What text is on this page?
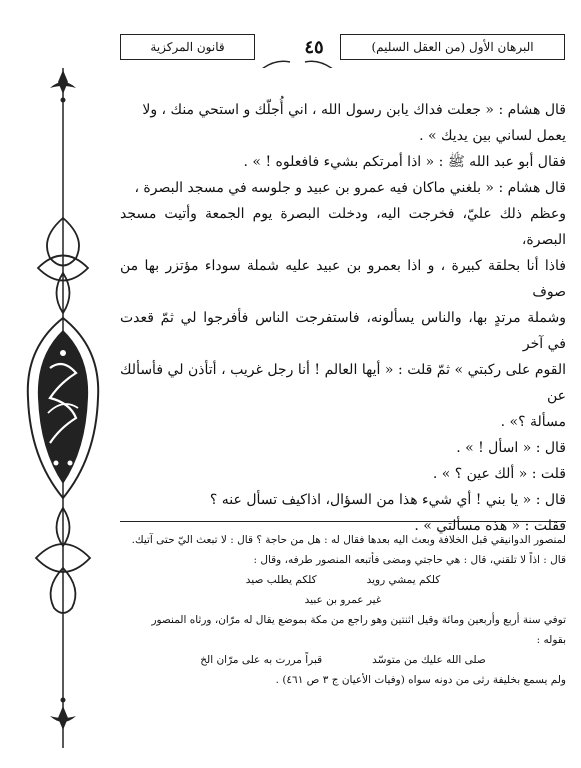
البرهان الأول (من العقل السليم)
٤٥
قانون المركزية

قال هشام : « جعلت فداك يابن رسول الله ، اني أُجلّك و استحي منك ، ولا

يعمل لساني بين يديك » .

فقال أبو عبد الله ﷺ : « اذا أمرتكم بشيء فافعلوه ! » .

قال هشام : « بلغني ماكان فيه عمرو بن عبيد و جلوسه في مسجد البصرة ،

وعظم ذلك عليّ، فخرجت اليه، ودخلت البصرة يوم الجمعة وأتيت مسجد البصرة،

فاذا أنا بحلقة كبيرة ، و اذا بعمرو بن عبيد عليه شملة سوداء مؤتزر بها من صوف

وشملة مرتدٍ بها، والناس يسألونه، فاستفرجت الناس فأفرجوا لي ثمّ قعدت في آخر

القوم على ركبتي » ثمّ قلت : « أيها العالم ! أنا رجل غريب ، أتأذن لي فأسألك عن

مسألة ؟» .

قال : « اسأل ! » .

قلت : « ألك عين ؟ » .

قال : « يا بني ! أي شيء هذا من السؤال، اذاكيف تسأل عنه ؟

فقلت : « هذه مسألتي » .

لمنصور الدوانيقي قبل الخلافة وبعث اليه بعدها فقال له : هل من حاجة ؟ قال : لا تبعث اليّ حتى آتيك.

قال : اذاً لا تلقني، قال : هي حاجتي ومضى فأتبعه المنصور طرفه، وقال :

كلكم يمشي رويد
كلكم يطلب صيد

غير عمرو بن عبيد

توفي سنة أربع وأربعين ومائة وقيل اثنتين وهو راجع من مكة بموضع يقال له مرّان، ورثاه المنصور

بقوله :

صلى الله عليك من متوسّد
قبراً مررت به على مرّان الخ

ولم يسمع بخليفة رثى من دونه سواه (وفيات الأعيان ج ٣ ص ٤٦١) .
